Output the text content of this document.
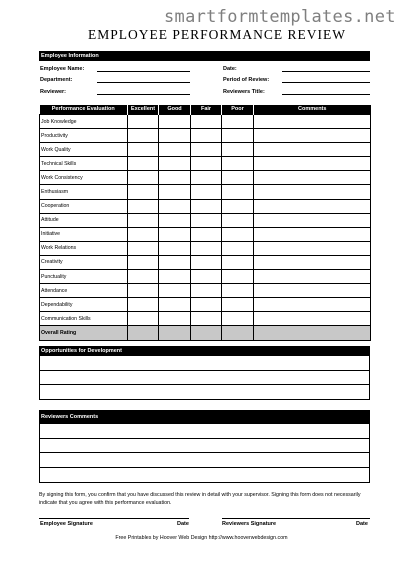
smartformtemplates.net
EMPLOYEE PERFORMANCE REVIEW
Employee Information
Employee Name:	Date:
Department:	Period of Review:
Reviewer:	Reviewers Title:
Performance Evaluation	Excellent	Good	Fair	Poor	Comments
Job Knowledge					
Productivity					
Work Quality					
Technical Skills					
Work Consistency					
Enthusiasm					
Cooperation					
Attitude					
Initiative					
Work Relations					
Creativity					
Punctuality					
Attendance					
Dependability					
Communication Skills					
Overall Rating					
Opportunities for Development
Reviewers Comments
By signing this form, you confirm that you have discussed this review in detail with your supervisor. Signing this form does not necessarily indicate that you agree with this performance evaluation.
Employee Signature	Date	Reviewers Signature	Date
Free Printables by Hoover Web Design http://www.hooverwebdesign.com
